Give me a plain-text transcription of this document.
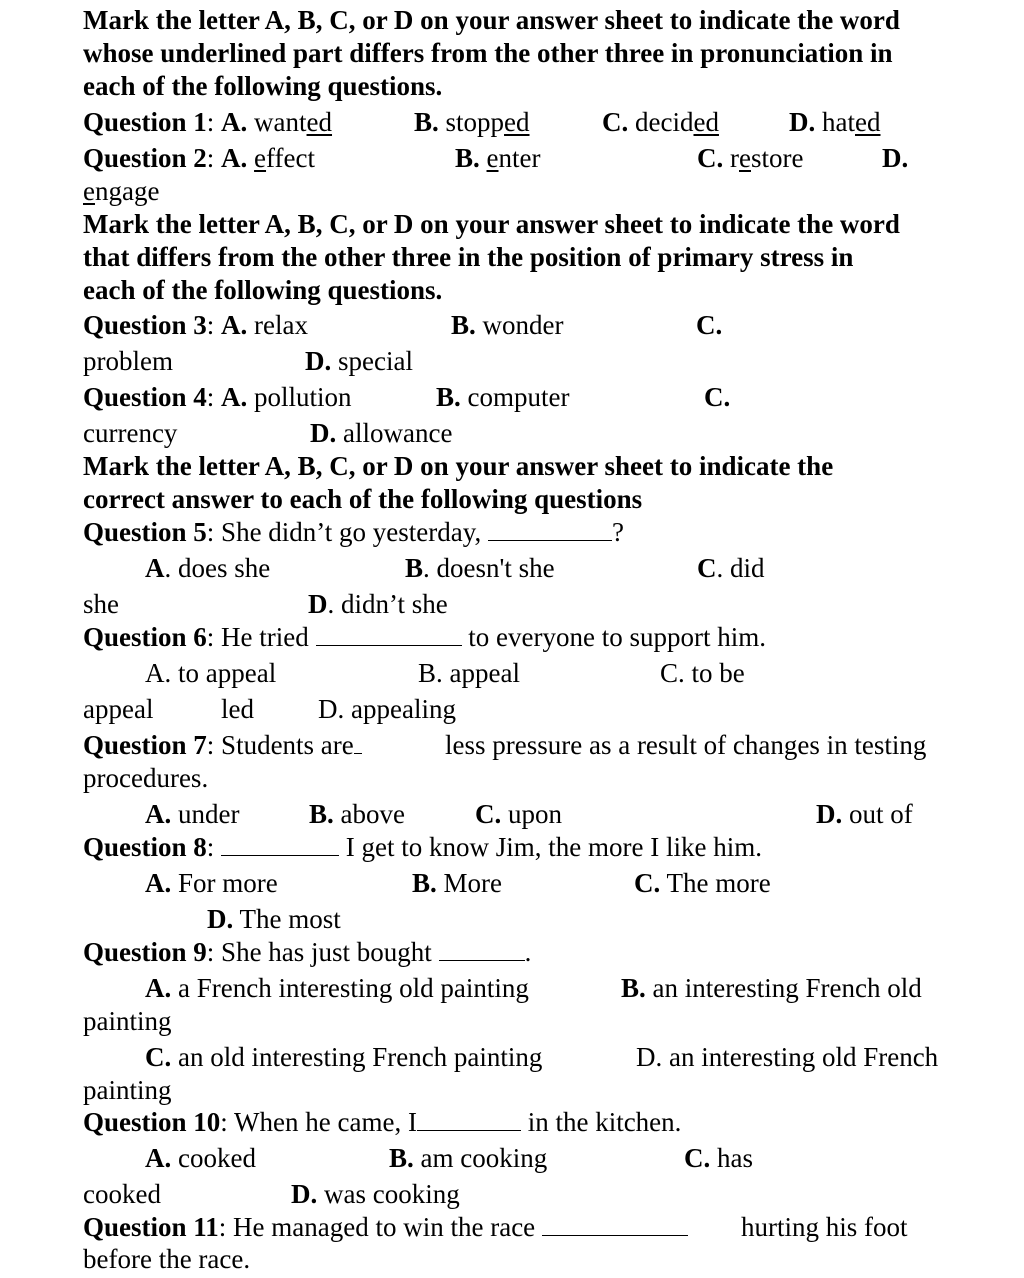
Mark the letter A, B, C, or D on your answer sheet to indicate the word
whose underlined part differs from the other three in pronunciation in
each of the following questions.
Question 1: A. wanted	B. stopped	C. decided	D. hated
Question 2: A. effect	B. enter	C. restore	D.
engage
Mark the letter A, B, C, or D on your answer sheet to indicate the word
that differs from the other three in the position of primary stress in
each of the following questions.
Question 3: A. relax	B. wonder	C.
problem	D. special
Question 4: A. pollution	B. computer	C.
currency	D. allowance
Mark the letter A, B, C, or D on your answer sheet to indicate the
correct answer to each of the following questions
Question 5: She didn’t go yesterday,	?
A. does she	B. doesn't she	C. did
she	D. didn’t she
Question 6: He tried	to everyone to support him.
A. to appeal	B. appeal	C. to be
appeal	led D. appealing
Question 7: Students are	less pressure as a result of changes in testing
procedures.
A. under	B. above	C. upon	D. out of
Question 8:	I get to know Jim, the more I like him.
A. For more	B. More	C. The more
D. The most
Question 9: She has just bought	.
A. a French interesting old painting	B. an interesting French old
painting
C. an old interesting French painting	D. an interesting old French
painting
Question 10: When he came, I	in the kitchen.
A. cooked	B. am cooking	C. has
cooked	D. was cooking
Question 11: He managed to win the race	hurting his foot
before the race.
